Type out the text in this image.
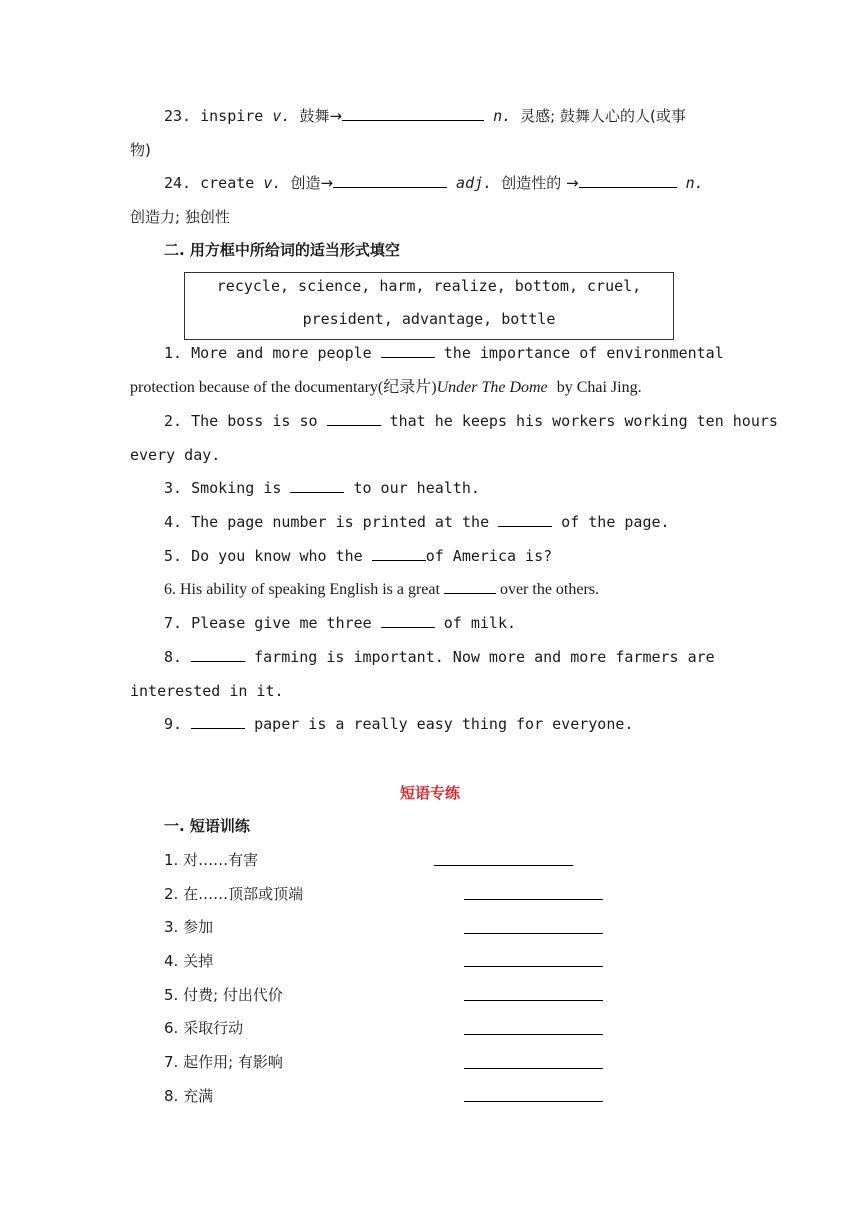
23. inspire v. 鼓舞→	n. 灵感; 鼓舞人心的人(或事
物)
24. create v. 创造→	adj. 创造性的 →	n.
创造力; 独创性
二. 用方框中所给词的适当形式填空
recycle, science, harm, realize, bottom, cruel,
president, advantage, bottle
1. More and more people	the importance of environmental
protection because of the documentary(纪录片)Under The Dome by Chai Jing.
2. The boss is so	that he keeps his workers working ten hours
every day.
3. Smoking is	to our health.
4. The page number is printed at the	of the page.
5. Do you know who the	of America is?
6. His ability of speaking English is a great	over the others.
7. Please give me three	of milk.
8.	farming is important. Now more and more farmers are
interested in it.
9.	paper is a really easy thing for everyone.
短语专练
一. 短语训练
1. 对……有害
2. 在……顶部或顶端
3. 参加
4. 关掉
5. 付费; 付出代价
6. 采取行动
7. 起作用; 有影响
8. 充满
